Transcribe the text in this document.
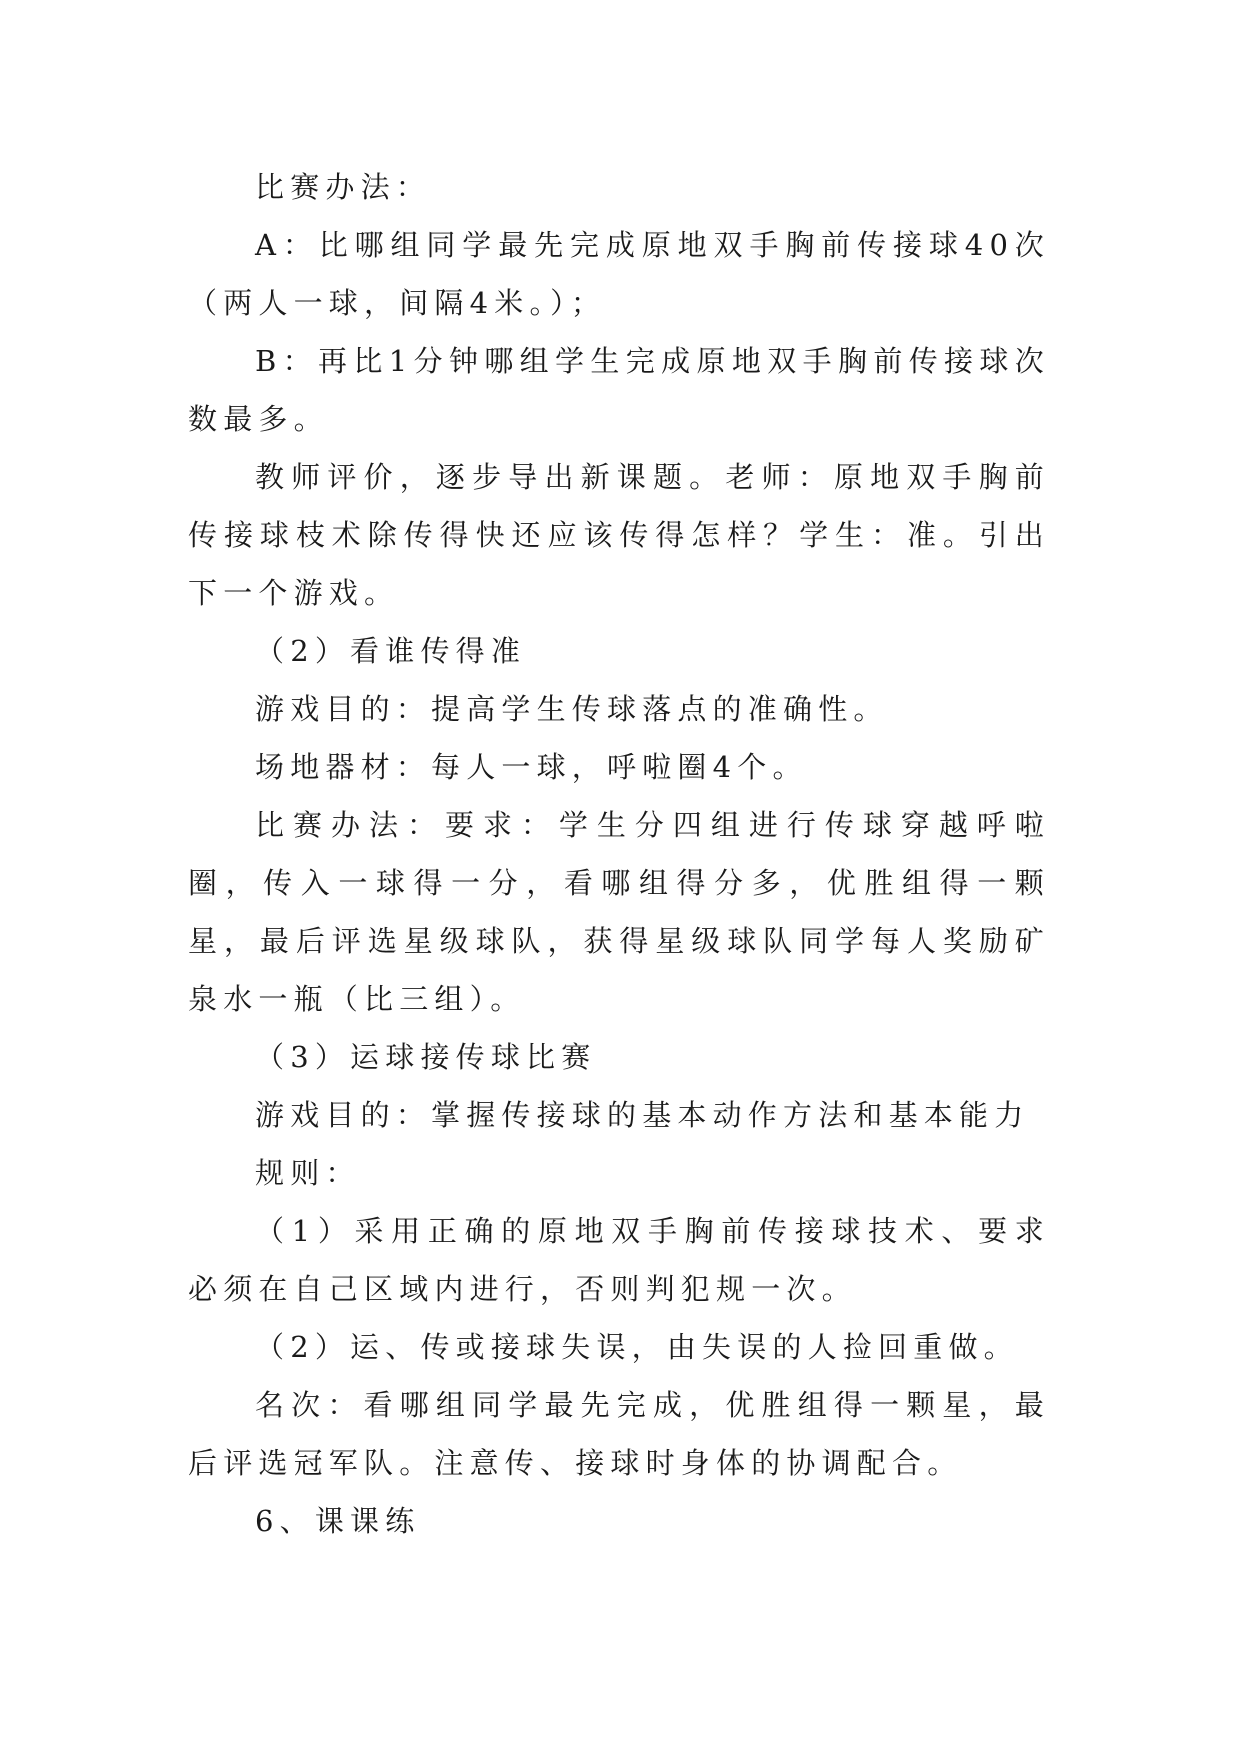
比赛办法：

A：比哪组同学最先完成原地双手胸前传接球40次（两人一球，间隔4米。）；

B：再比1分钟哪组学生完成原地双手胸前传接球次数最多。

教师评价，逐步导出新课题。老师：原地双手胸前传接球枝术除传得快还应该传得怎样？学生：准。引出下一个游戏。

（2）看谁传得准

游戏目的：提高学生传球落点的准确性。

场地器材：每人一球，呼啦圈4个。

比赛办法：要求：学生分四组进行传球穿越呼啦圈，传入一球得一分，看哪组得分多，优胜组得一颗星，最后评选星级球队，获得星级球队同学每人奖励矿泉水一瓶（比三组）。

（3）运球接传球比赛

游戏目的：掌握传接球的基本动作方法和基本能力

规则：

（1）采用正确的原地双手胸前传接球技术、要求必须在自己区域内进行，否则判犯规一次。

（2）运、传或接球失误，由失误的人捡回重做。

名次：看哪组同学最先完成，优胜组得一颗星，最后评选冠军队。注意传、接球时身体的协调配合。

6、课课练
